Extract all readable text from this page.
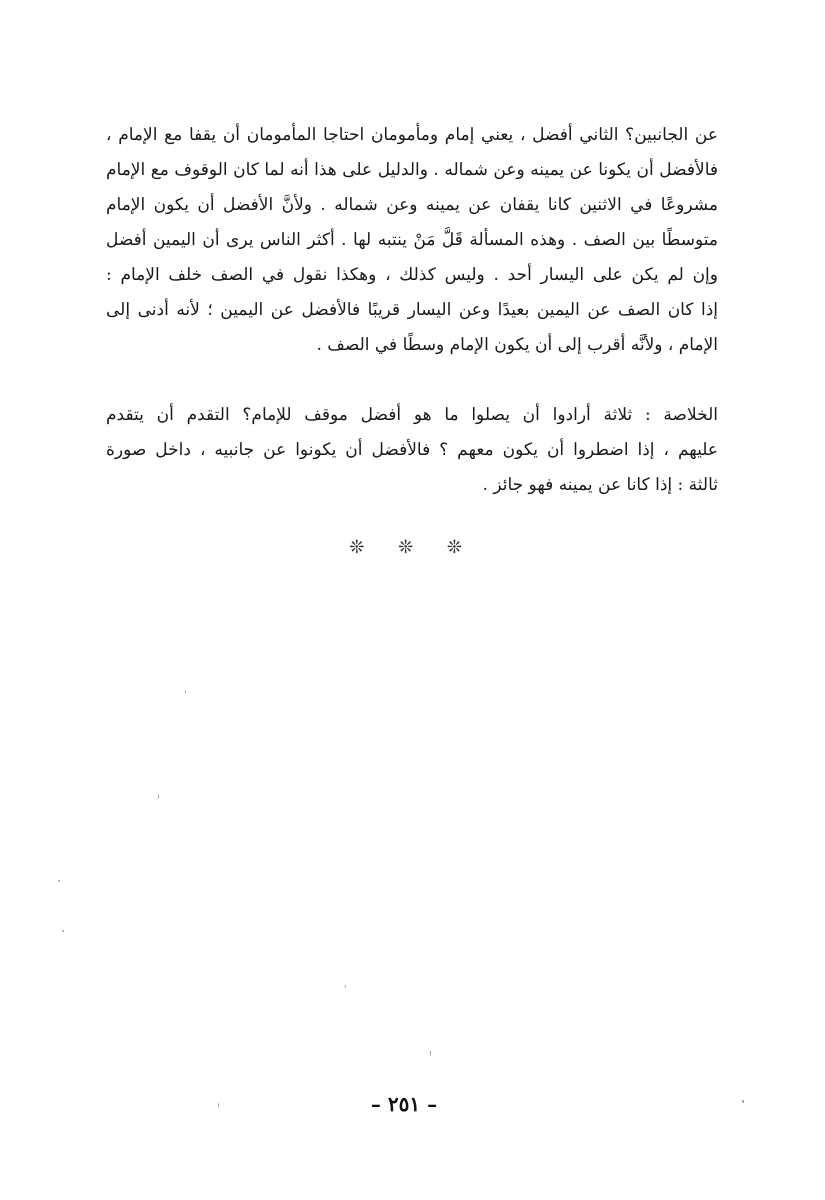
عن الجانبين؟ الثاني أفضل ، يعني إمام ومأمومان احتاجا المأمومان أن يقفا مع الإمام ،
فالأفضل أن يكونا عن يمينه وعن شماله . والدليل على هذا أنه لما كان الوقوف مع الإمام
مشروعًا في الاثنين كانا يقفان عن يمينه وعن شماله . ولأنَّ الأفضل أن يكون الإمام
متوسطًا بين الصف . وهذه المسألة قَلَّ مَنْ ينتبه لها . أكثر الناس يرى أن اليمين أفضل
وإن لم يكن على اليسار أحد . وليس كذلك ، وهكذا نقول في الصف خلف الإمام :
إذا كان الصف عن اليمين بعيدًا وعن اليسار قريبًا فالأفضل عن اليمين ؛ لأنه أدنى إلى
الإمام ، ولأنَّه أقرب إلى أن يكون الإمام وسطًا في الصف .
الخلاصة : ثلاثة أرادوا أن يصلوا ما هو أفضل موقف للإمام؟ التقدم أن يتقدم
عليهم ، إذا اضطروا أن يكون معهم ؟ فالأفضل أن يكونوا عن جانبيه ، داخل صورة
ثالثة : إذا كانا عن يمينه فهو جائز .
❊ ❊ ❊
– ٢٥١ –
